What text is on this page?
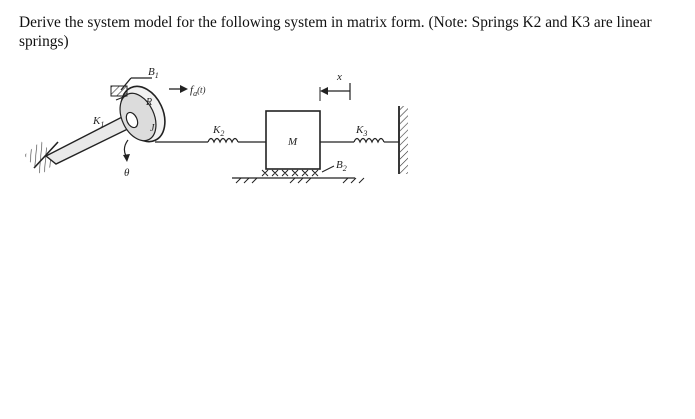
Derive the system model for the following system in matrix form. (Note: Springs K2 and K3 are linear springs)
$K_1$
R
J
$B_1$
$f_a^{(t)}$
θ
$K_2$
M
$B_2$
x
$K_3$
